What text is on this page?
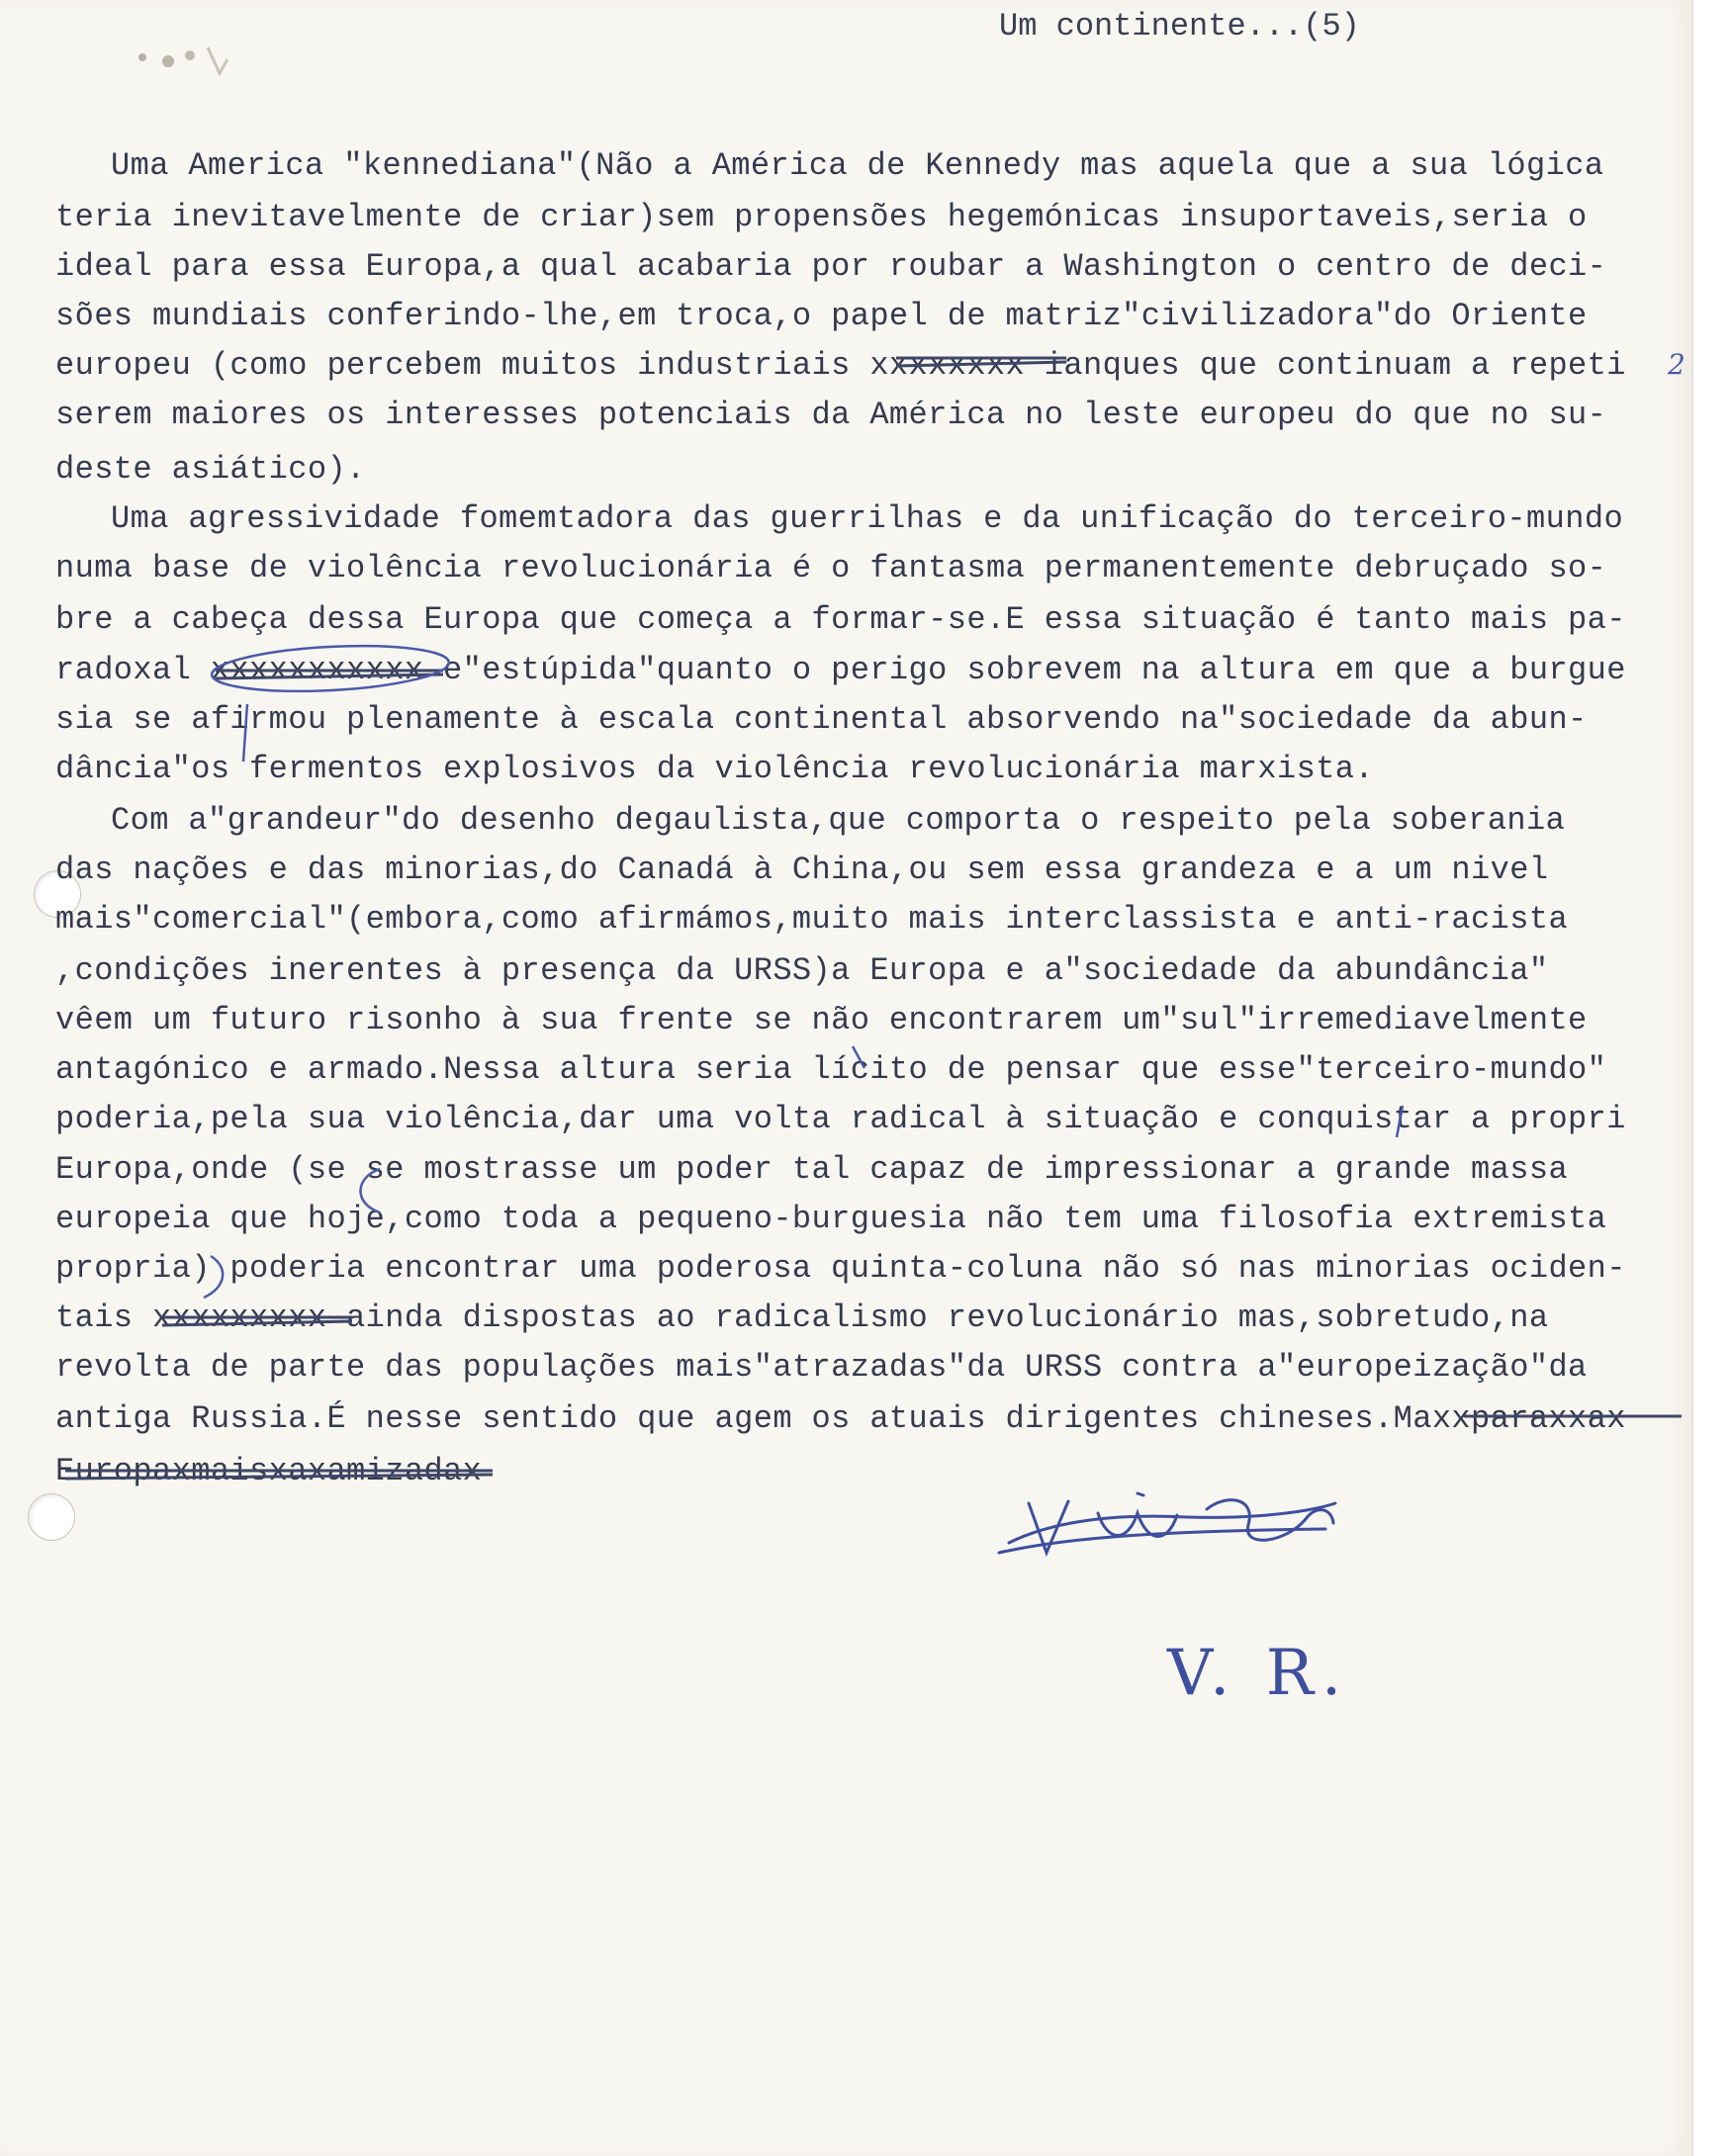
Um continente...(5)

Uma America "kennediana"(Não a América de Kennedy mas aquela que a sua lógica

teria inevitavelmente de criar)sem propensões hegemónicas insuportaveis,seria o

ideal para essa Europa,a qual acabaria por roubar a Washington o centro de deci-

sões mundiais conferindo-lhe,em troca,o papel de matriz"civilizadora"do Oriente

europeu (como percebem muitos industriais xxxxxxxx ianques que continuam a repeti

serem maiores os interesses potenciais da América no leste europeu do que no su-

deste asiático).

Uma agressividade fomemtadora das guerrilhas e da unificação do terceiro-mundo

numa base de violência revolucionária é o fantasma permanentemente debruçado so-

bre a cabeça dessa Europa que começa a formar-se.E essa situação é tanto mais pa-

radoxal xxxxxxxxxxx e"estúpida"quanto o perigo sobrevem na altura em que a burgue

sia se afirmou plenamente à escala continental absorvendo na"sociedade da abun-

dância"os fermentos explosivos da violência revolucionária marxista.

Com a"grandeur"do desenho degaulista,que comporta o respeito pela soberania

das nações e das minorias,do Canadá à China,ou sem essa grandeza e a um nivel

mais"comercial"(embora,como afirmámos,muito mais interclassista e anti-racista

,condições inerentes à presença da URSS)a Europa e a"sociedade da abundância"

vêem um futuro risonho à sua frente se não encontrarem um"sul"irremediavelmente

antagónico e armado.Nessa altura seria lícito de pensar que esse"terceiro-mundo"

poderia,pela sua violência,dar uma volta radical à situação e conquistar a propri

Europa,onde (se se mostrasse um poder tal capaz de impressionar a grande massa

europeia que hoje,como toda a pequeno-burguesia não tem uma filosofia extremista

propria) poderia encontrar uma poderosa quinta-coluna não só nas minorias ociden-

tais xxxxxxxxx ainda dispostas ao radicalismo revolucionário mas,sobretudo,na

revolta de parte das populações mais"atrazadas"da URSS contra a"europeização"da

antiga Russia.É nesse sentido que agem os atuais dirigentes chineses.Maxxparaxxax

Europaxmaisxaxamizadax

2

V. R.
